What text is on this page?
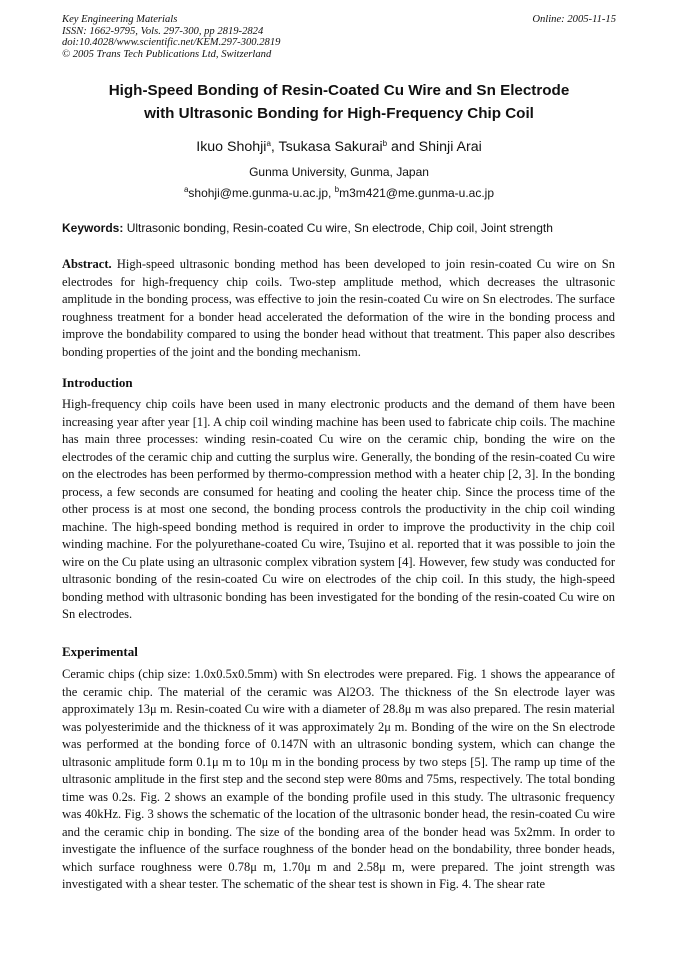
Key Engineering Materials	Online: 2005-11-15
ISSN: 1662-9795, Vols. 297-300, pp 2819-2824
doi:10.4028/www.scientific.net/KEM.297-300.2819
© 2005 Trans Tech Publications Ltd, Switzerland
High-Speed Bonding of Resin-Coated Cu Wire and Sn Electrode
with Ultrasonic Bonding for High-Frequency Chip Coil
Ikuo Shohji$^a$, Tsukasa Sakurai$^b$ and Shinji Arai
Gunma University, Gunma, Japan
$^a$shohji@me.gunma-u.ac.jp, $^b$m3m421@me.gunma-u.ac.jp
Keywords: Ultrasonic bonding, Resin-coated Cu wire, Sn electrode, Chip coil, Joint strength
Abstract. High-speed ultrasonic bonding method has been developed to join resin-coated Cu wire on Sn electrodes for high-frequency chip coils. Two-step amplitude method, which decreases the ultrasonic amplitude in the bonding process, was effective to join the resin-coated Cu wire on Sn electrodes. The surface roughness treatment for a bonder head accelerated the deformation of the wire in the bonding process and improve the bondability compared to using the bonder head without that treatment. This paper also describes bonding properties of the joint and the bonding mechanism.
Introduction
High-frequency chip coils have been used in many electronic products and the demand of them have been increasing year after year [1]. A chip coil winding machine has been used to fabricate chip coils. The machine has main three processes: winding resin-coated Cu wire on the ceramic chip, bonding the wire on the electrodes of the ceramic chip and cutting the surplus wire. Generally, the bonding of the resin-coated Cu wire on the electrodes has been performed by thermo-compression method with a heater chip [2, 3]. In the bonding process, a few seconds are consumed for heating and cooling the heater chip. Since the process time of the other process is at most one second, the bonding process controls the productivity in the chip coil winding machine. The high-speed bonding method is required in order to improve the productivity in the chip coil winding machine. For the polyurethane-coated Cu wire, Tsujino et al. reported that it was possible to join the wire on the Cu plate using an ultrasonic complex vibration system [4]. However, few study was conducted for ultrasonic bonding of the resin-coated Cu wire on electrodes of the chip coil. In this study, the high-speed bonding method with ultrasonic bonding has been investigated for the bonding of the resin-coated Cu wire on Sn electrodes.
Experimental
Ceramic chips (chip size: 1.0x0.5x0.5mm) with Sn electrodes were prepared. Fig. 1 shows the appearance of the ceramic chip. The material of the ceramic was Al2O3. The thickness of the Sn electrode layer was approximately 13μ m. Resin-coated Cu wire with a diameter of 28.8μ m was also prepared. The resin material was polyesterimide and the thickness of it was approximately 2μ m. Bonding of the wire on the Sn electrode was performed at the bonding force of 0.147N with an ultrasonic bonding system, which can change the ultrasonic amplitude form 0.1μ m to 10μ m in the bonding process by two steps [5]. The ramp up time of the ultrasonic amplitude in the first step and the second step were 80ms and 75ms, respectively. The total bonding time was 0.2s. Fig. 2 shows an example of the bonding profile used in this study. The ultrasonic frequency was 40kHz. Fig. 3 shows the schematic of the location of the ultrasonic bonder head, the resin-coated Cu wire and the ceramic chip in bonding. The size of the bonding area of the bonder head was 5x2mm. In order to investigate the influence of the surface roughness of the bonder head on the bondability, three bonder heads, which surface roughness were 0.78μ m, 1.70μ m and 2.58μ m, were prepared. The joint strength was investigated with a shear tester. The schematic of the shear test is shown in Fig. 4. The shear rate
